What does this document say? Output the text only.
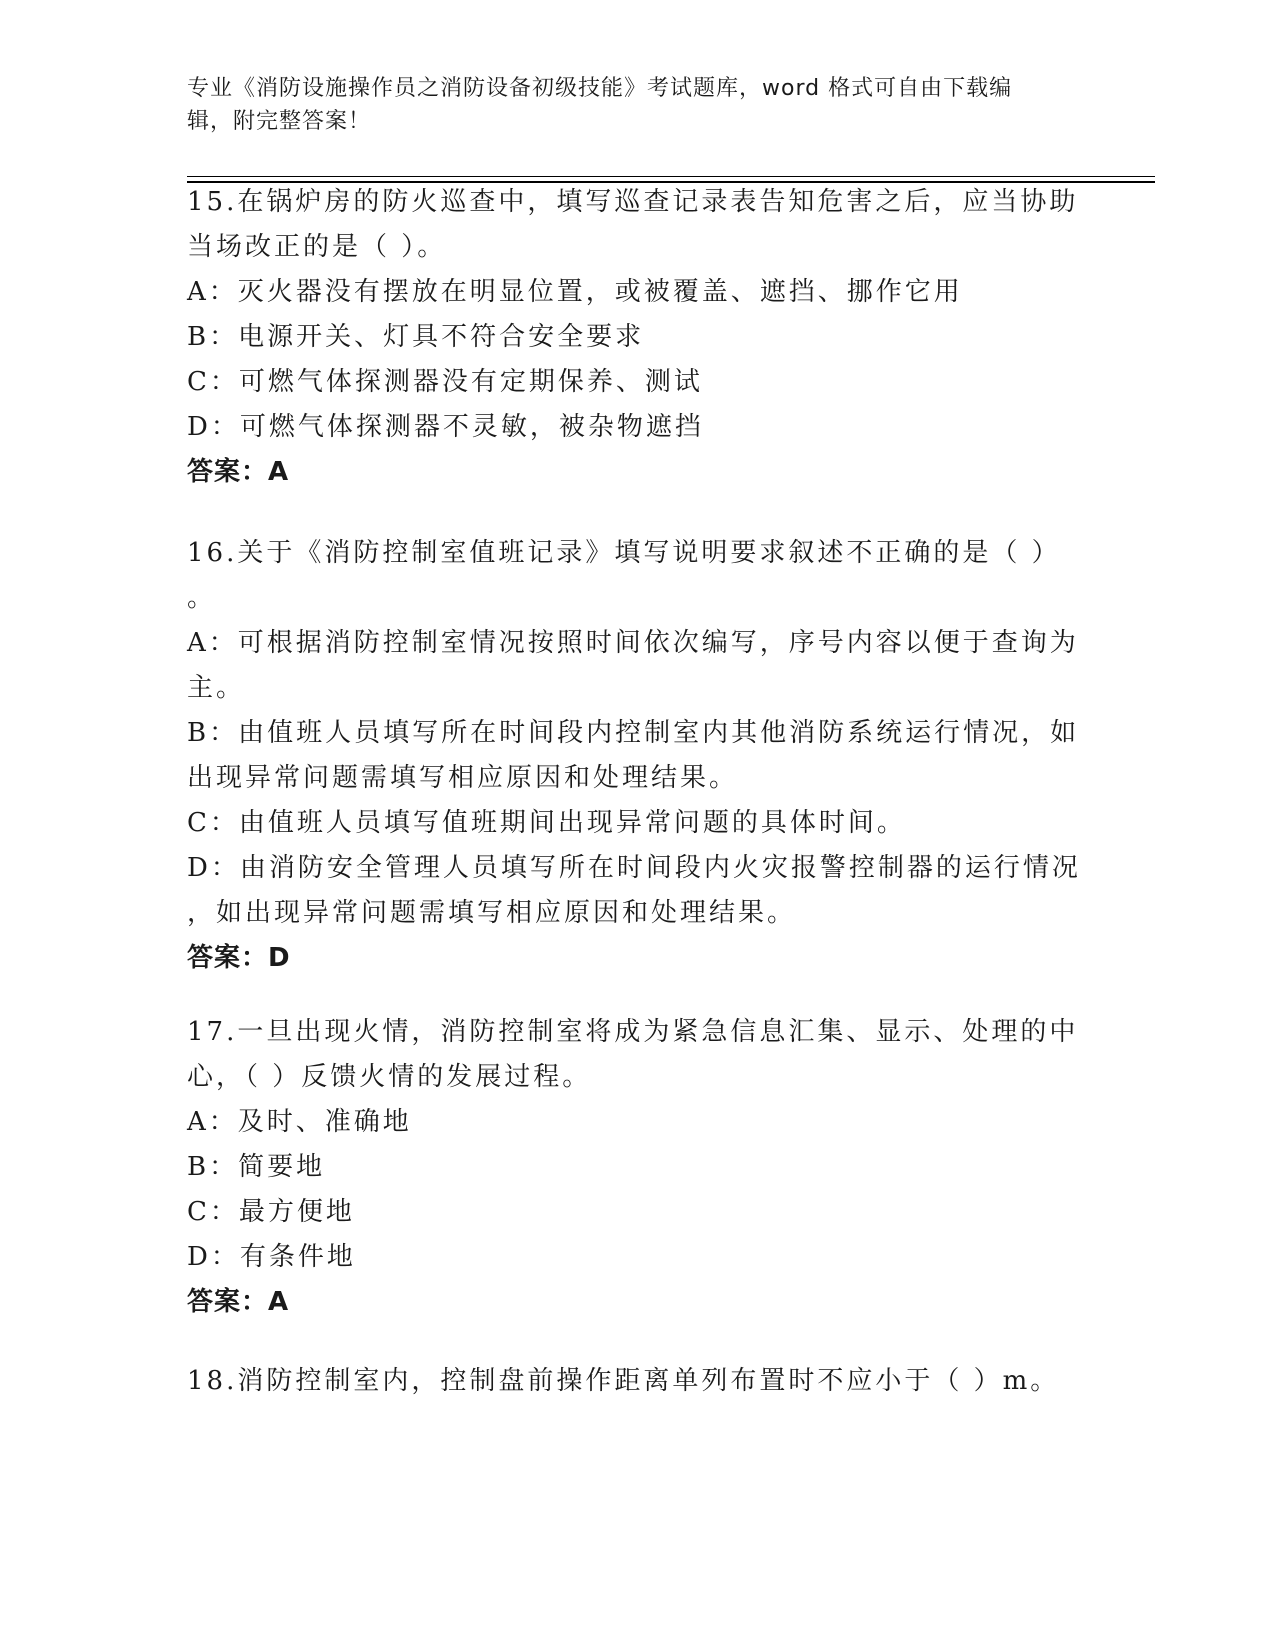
专业《消防设施操作员之消防设备初级技能》考试题库，word 格式可自由下载编
辑，附完整答案！
15.在锅炉房的防火巡查中，填写巡查记录表告知危害之后，应当协助
当场改正的是（ ）。
A：灭火器没有摆放在明显位置，或被覆盖、遮挡、挪作它用
B：电源开关、灯具不符合安全要求
C：可燃气体探测器没有定期保养、测试
D：可燃气体探测器不灵敏，被杂物遮挡
答案：A
16.关于《消防控制室值班记录》填写说明要求叙述不正确的是（ ）
。
A：可根据消防控制室情况按照时间依次编写，序号内容以便于查询为
主。
B：由值班人员填写所在时间段内控制室内其他消防系统运行情况，如
出现异常问题需填写相应原因和处理结果。
C：由值班人员填写值班期间出现异常问题的具体时间。
D：由消防安全管理人员填写所在时间段内火灾报警控制器的运行情况
，如出现异常问题需填写相应原因和处理结果。
答案：D
17.一旦出现火情，消防控制室将成为紧急信息汇集、显示、处理的中
心，（ ）反馈火情的发展过程。
A：及时、准确地
B：简要地
C：最方便地
D：有条件地
答案：A
18.消防控制室内，控制盘前操作距离单列布置时不应小于（ ）m。
